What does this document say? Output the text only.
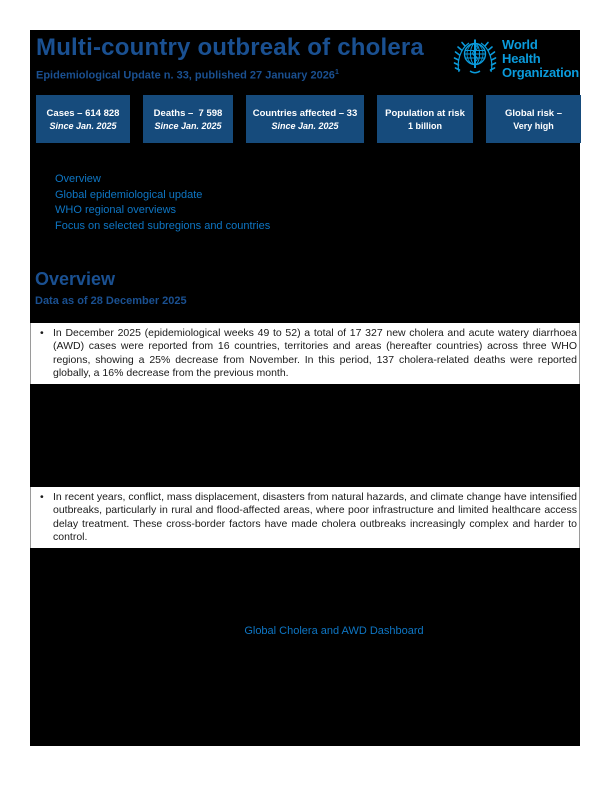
Multi-country outbreak of cholera
Epidemiological Update n. 33, published 27 January 2026$^1$
World Health
Organization
Cases – 614 828
Since Jan. 2025
Deaths –  7 598
Since Jan. 2025
Countries affected – 33
Since Jan. 2025
Population at risk
1 billion
Global risk –
Very high
Overview
Global epidemiological update
WHO regional overviews
Focus on selected subregions and countries
Overview
Data as of 28 December 2025
• In December 2025 (epidemiological weeks 49 to 52) a total of 17 327 new cholera and acute watery diarrhoea (AWD) cases were reported from 16 countries, territories and areas (hereafter countries) across three WHO regions, showing a 25% decrease from November. In this period, 137 cholera-related deaths were reported globally, a 16% decrease from the previous month.
• In recent years, conflict, mass displacement, disasters from natural hazards, and climate change have intensified outbreaks, particularly in rural and flood-affected areas, where poor infrastructure and limited healthcare access delay treatment. These cross-border factors have made cholera outbreaks increasingly complex and harder to control.
Global Cholera and AWD Dashboard
